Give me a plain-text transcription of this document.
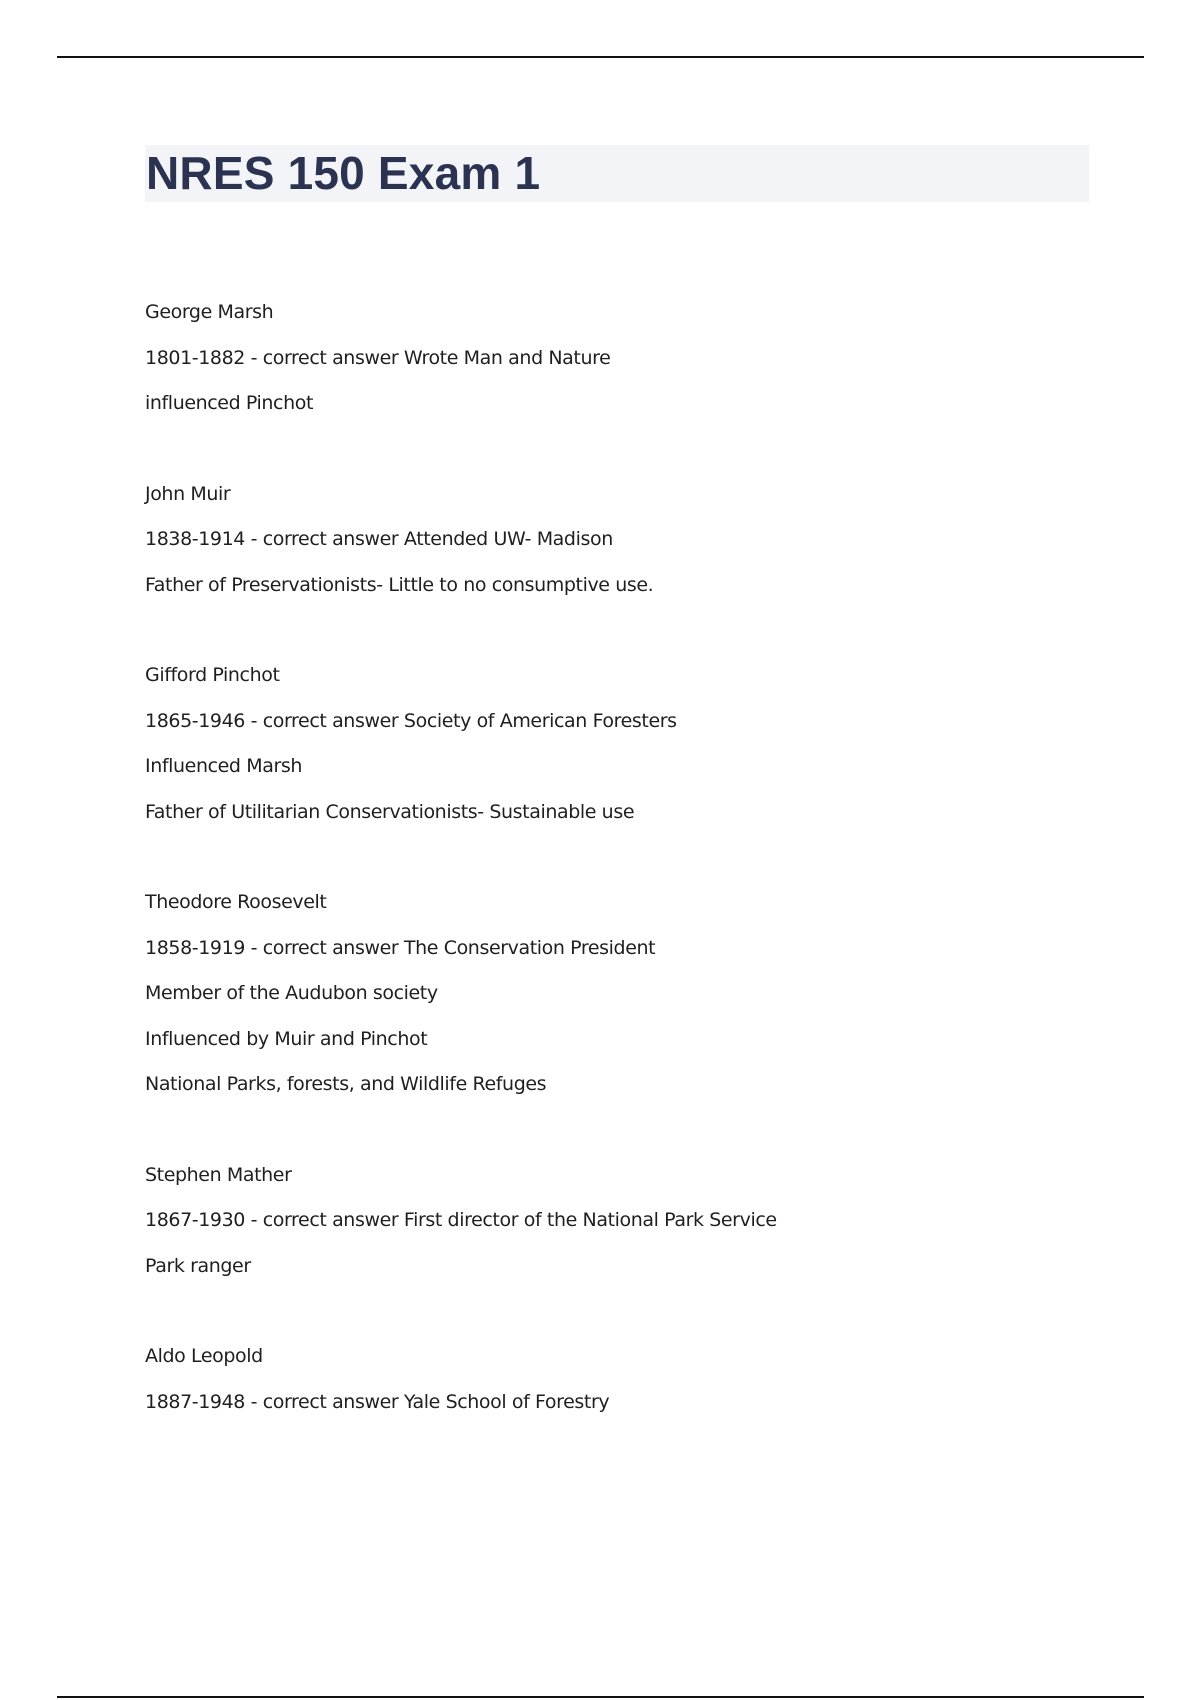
NRES 150 Exam 1
George Marsh
1801-1882 - correct answer Wrote Man and Nature
influenced Pinchot
John Muir
1838-1914 - correct answer Attended UW- Madison
Father of Preservationists- Little to no consumptive use.
Gifford Pinchot
1865-1946 - correct answer Society of American Foresters
Influenced Marsh
Father of Utilitarian Conservationists- Sustainable use
Theodore Roosevelt
1858-1919 - correct answer The Conservation President
Member of the Audubon society
Influenced by Muir and Pinchot
National Parks, forests, and Wildlife Refuges
Stephen Mather
1867-1930 - correct answer First director of the National Park Service
Park ranger
Aldo Leopold
1887-1948 - correct answer Yale School of Forestry
